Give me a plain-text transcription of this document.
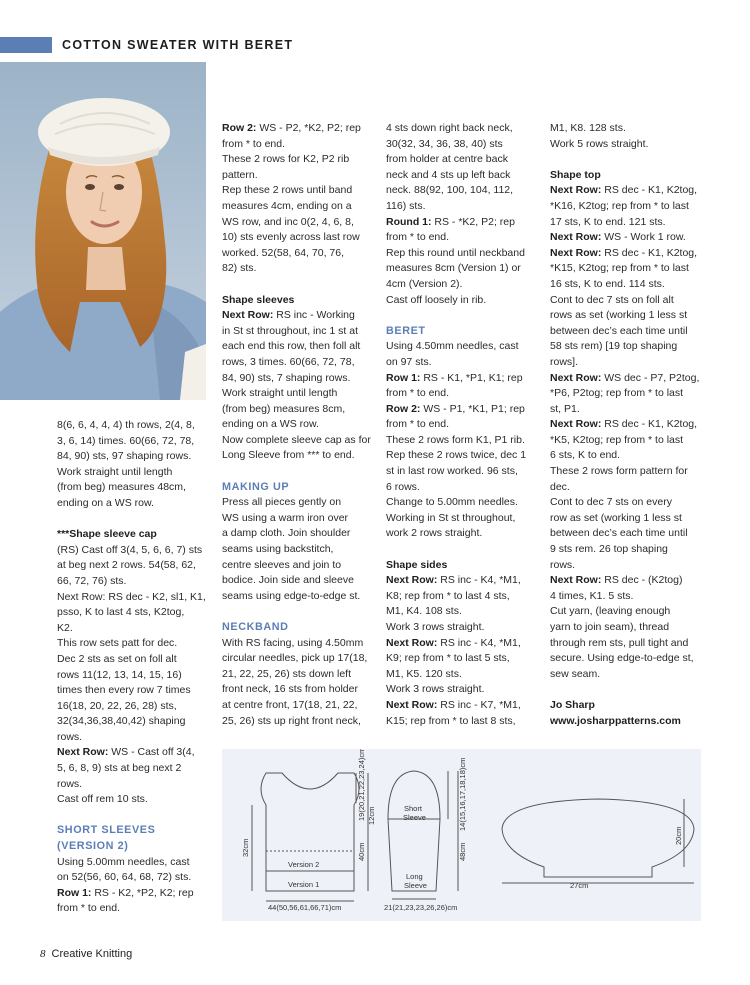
COTTON SWEATER WITH BERET

8(6, 6, 4, 4, 4) th rows, 2(4, 8,

3, 6, 14) times. 60(66, 72, 78,

84, 90) sts, 97 shaping rows.

Work straight until length

(from beg) measures 48cm,

ending on a WS row.

***Shape sleeve cap

(RS) Cast off 3(4, 5, 6, 6, 7) sts

at beg next 2 rows. 54(58, 62,

66, 72, 76) sts.

Next Row: RS dec - K2, sl1, K1,

psso, K to last 4 sts, K2tog,

K2.

This row sets patt for dec.

Dec 2 sts as set on foll alt

rows 11(12, 13, 14, 15, 16)

times then every row 7 times

16(18, 20, 22, 26, 28) sts,

32(34,36,38,40,42) shaping

rows.

Next Row: WS - Cast off 3(4,

5, 6, 8, 9) sts at beg next 2

rows.

Cast off rem 10 sts.

SHORT SLEEVES

(VERSION 2)

Using 5.00mm needles, cast

on 52(56, 60, 64, 68, 72) sts.

Row 1: RS - K2, *P2, K2; rep

from * to end.

Row 2: WS - P2, *K2, P2; rep

from * to end.

These 2 rows for K2, P2 rib

pattern.

Rep these 2 rows until band

measures 4cm, ending on a

WS row, and inc 0(2, 4, 6, 8,

10) sts evenly across last row

worked. 52(58, 64, 70, 76,

82) sts.

Shape sleeves

Next Row: RS inc - Working

in St st throughout, inc 1 st at

each end this row, then foll alt

rows, 3 times. 60(66, 72, 78,

84, 90) sts, 7 shaping rows.

Work straight until length

(from beg) measures 8cm,

ending on a WS row.

Now complete sleeve cap as for

Long Sleeve from *** to end.

MAKING UP

Press all pieces gently on

WS using a warm iron over

a damp cloth. Join shoulder

seams using backstitch,

centre sleeves and join to

bodice. Join side and sleeve

seams using edge-to-edge st.

NECKBAND

With RS facing, using 4.50mm

circular needles, pick up 17(18,

21, 22, 25, 26) sts down left

front neck, 16 sts from holder

at centre front, 17(18, 21, 22,

25, 26) sts up right front neck,

4 sts down right back neck,

30(32, 34, 36, 38, 40) sts

from holder at centre back

neck and 4 sts up left back

neck. 88(92, 100, 104, 112,

116) sts.

Round 1: RS - *K2, P2; rep

from * to end.

Rep this round until neckband

measures 8cm (Version 1) or

4cm (Version 2).

Cast off loosely in rib.

BERET

Using 4.50mm needles, cast

on 97 sts.

Row 1: RS - K1, *P1, K1; rep

from * to end.

Row 2: WS - P1, *K1, P1; rep

from * to end.

These 2 rows form K1, P1 rib.

Rep these 2 rows twice, dec 1

st in last row worked. 96 sts,

6 rows.

Change to 5.00mm needles.

Working in St st throughout,

work 2 rows straight.

Shape sides

Next Row: RS inc - K4, *M1,

K8; rep from * to last 4 sts,

M1, K4. 108 sts.

Work 3 rows straight.

Next Row: RS inc - K4, *M1,

K9; rep from * to last 5 sts,

M1, K5. 120 sts.

Work 3 rows straight.

Next Row: RS inc - K7, *M1,

K15; rep from * to last 8 sts,

M1, K8. 128 sts.

Work 5 rows straight.

Shape top

Next Row: RS dec - K1, K2tog,

*K16, K2tog; rep from * to last

17 sts, K to end. 121 sts.

Next Row: WS - Work 1 row.

Next Row: RS dec - K1, K2tog,

*K15, K2tog; rep from * to last

16 sts, K to end. 114 sts.

Cont to dec 7 sts on foll alt

rows as set (working 1 less st

between dec’s each time until

58 sts rem) [19 top shaping

rows].

Next Row: WS dec - P7, P2tog,

*P6, P2tog; rep from * to last

st, P1.

Next Row: RS dec - K1, K2tog,

*K5, K2tog; rep from * to last

6 sts, K to end.

These 2 rows form pattern for

dec.

Cont to dec 7 sts on every

row as set (working 1 less st

between dec’s each time until

9 sts rem. 26 top shaping

rows.

Next Row: RS dec - (K2tog)

4 times, K1. 5 sts.

Cut yarn, (leaving enough

yarn to join seam), thread

through rem sts, pull tight and

secure. Using edge-to-edge st,

sew seam.

Jo Sharp

www.josharppatterns.com

Version 2
Version 1
44(50,56,61,66,71)cm
32cm	40cm
19(20,21,22,23,24)cm 12cm	Short
Sleeve
Long
Sleeve
21(21,23,23,26,26)cm
48cm
14(15,16,17,18,18)cm
27cm
20cm
8 Creative Knitting
